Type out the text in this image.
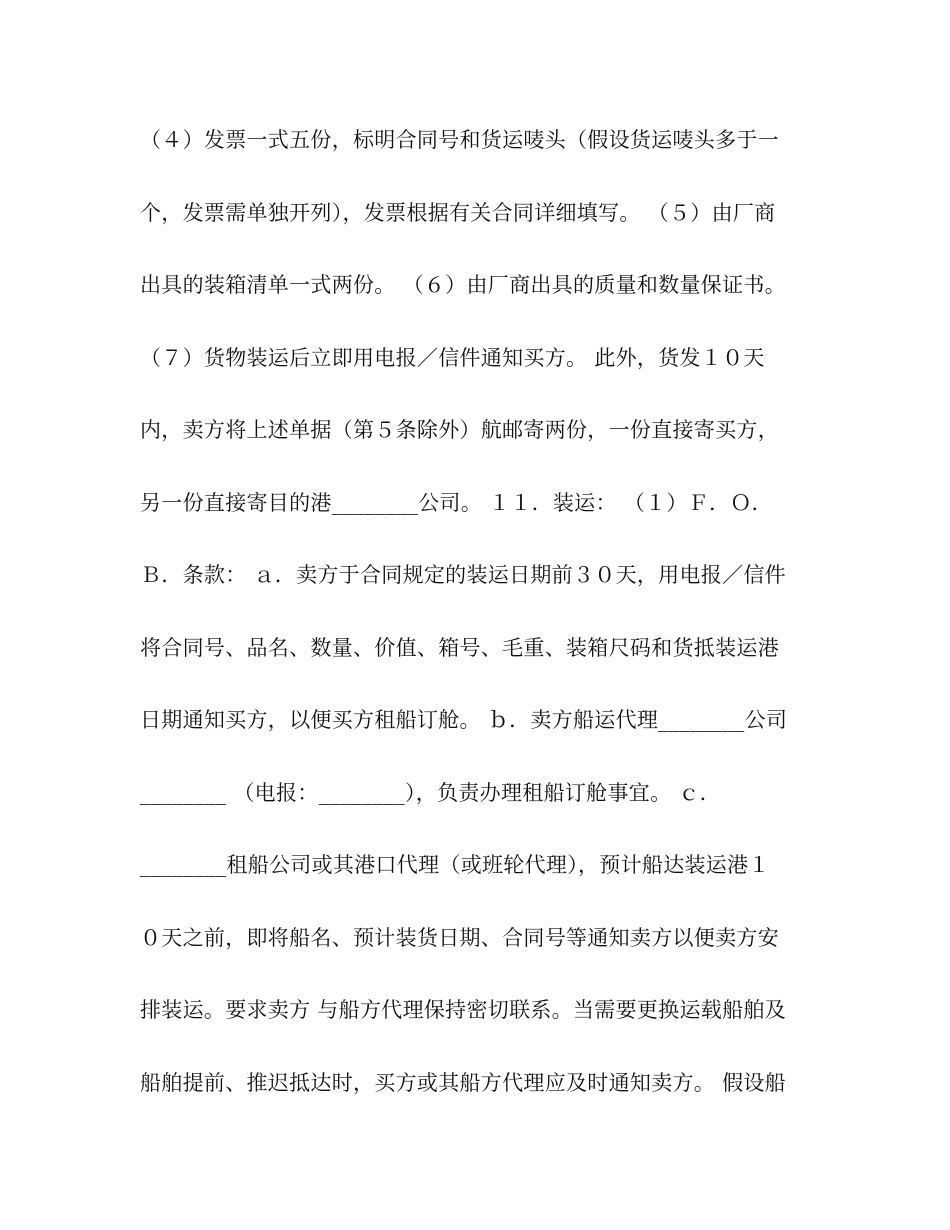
（４）发票一式五份，标明合同号和货运唛头（假设货运唛头多于一
个，发票需单独开列），发票根据有关合同详细填写。 （５）由厂商
出具的装箱清单一式两份。 （６）由厂商出具的质量和数量保证书。
（７）货物装运后立即用电报／信件通知买方。 此外，货发１０天
内，卖方将上述单据（第５条除外）航邮寄两份，一份直接寄买方，
另一份直接寄目的港________公司。 １１．装运： （１）Ｆ．Ｏ．
Ｂ．条款： ａ．卖方于合同规定的装运日期前３０天，用电报／信件
将合同号、品名、数量、价值、箱号、毛重、装箱尺码和货抵装运港
日期通知买方，以便买方租船订舱。 ｂ．卖方船运代理________公司
________ （电报：________），负责办理租船订舱事宜。 ｃ．
________租船公司或其港口代理（或班轮代理），预计船达装运港１
０天之前，即将船名、预计装货日期、合同号等通知卖方以便卖方安
排装运。要求卖方 与船方代理保持密切联系。当需要更换运载船舶及
船舶提前、推迟抵达时，买方或其船方代理应及时通知卖方。 假设船
